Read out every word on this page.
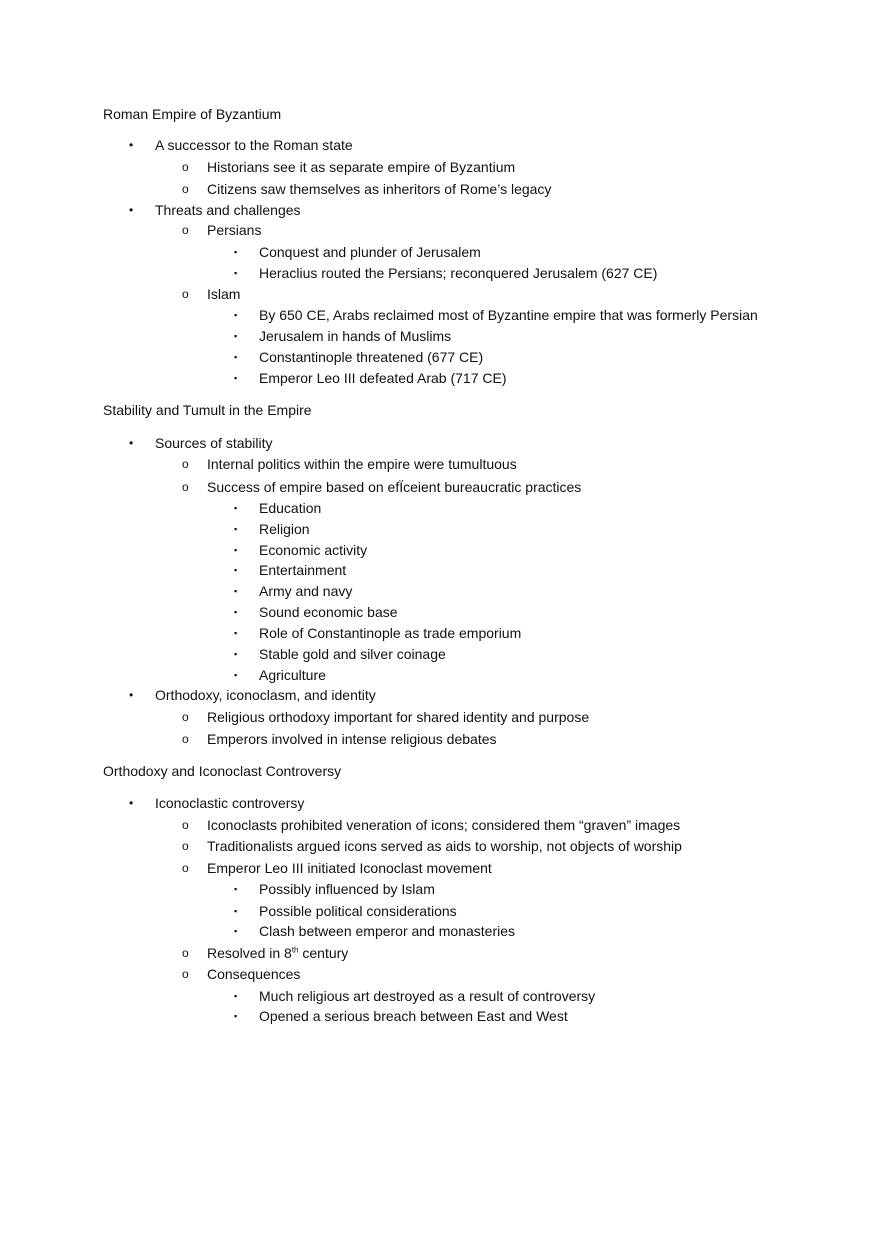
Roman Empire of Byzantium
• A successor to the Roman state
o Historians see it as separate empire of Byzantium
o Citizens saw themselves as inheritors of Rome’s legacy
• Threats and challenges
o Persians
▪ Conquest and plunder of Jerusalem
▪ Heraclius routed the Persians; reconquered Jerusalem (627 CE)
o Islam
▪ By 650 CE, Arabs reclaimed most of Byzantine empire that was formerly Persian
▪ Jerusalem in hands of Muslims
▪ Constantinople threatened (677 CE)
▪ Emperor Leo III defeated Arab (717 CE)
Stability and Tumult in the Empire
• Sources of stability
o Internal politics within the empire were tumultuous
o Success of empire based on efÏceient bureaucratic practices
▪ Education
▪ Religion
▪ Economic activity
▪ Entertainment
▪ Army and navy
▪ Sound economic base
▪ Role of Constantinople as trade emporium
▪ Stable gold and silver coinage
▪ Agriculture
• Orthodoxy, iconoclasm, and identity
o Religious orthodoxy important for shared identity and purpose
o Emperors involved in intense religious debates
Orthodoxy and Iconoclast Controversy
• Iconoclastic controversy
o Iconoclasts prohibited veneration of icons; considered them “graven” images
o Traditionalists argued icons served as aids to worship, not objects of worship
o Emperor Leo III initiated Iconoclast movement
▪ Possibly influenced by Islam
▪ Possible political considerations
▪ Clash between emperor and monasteries
o Resolved in 8th century
o Consequences
▪ Much religious art destroyed as a result of controversy
▪ Opened a serious breach between East and West
